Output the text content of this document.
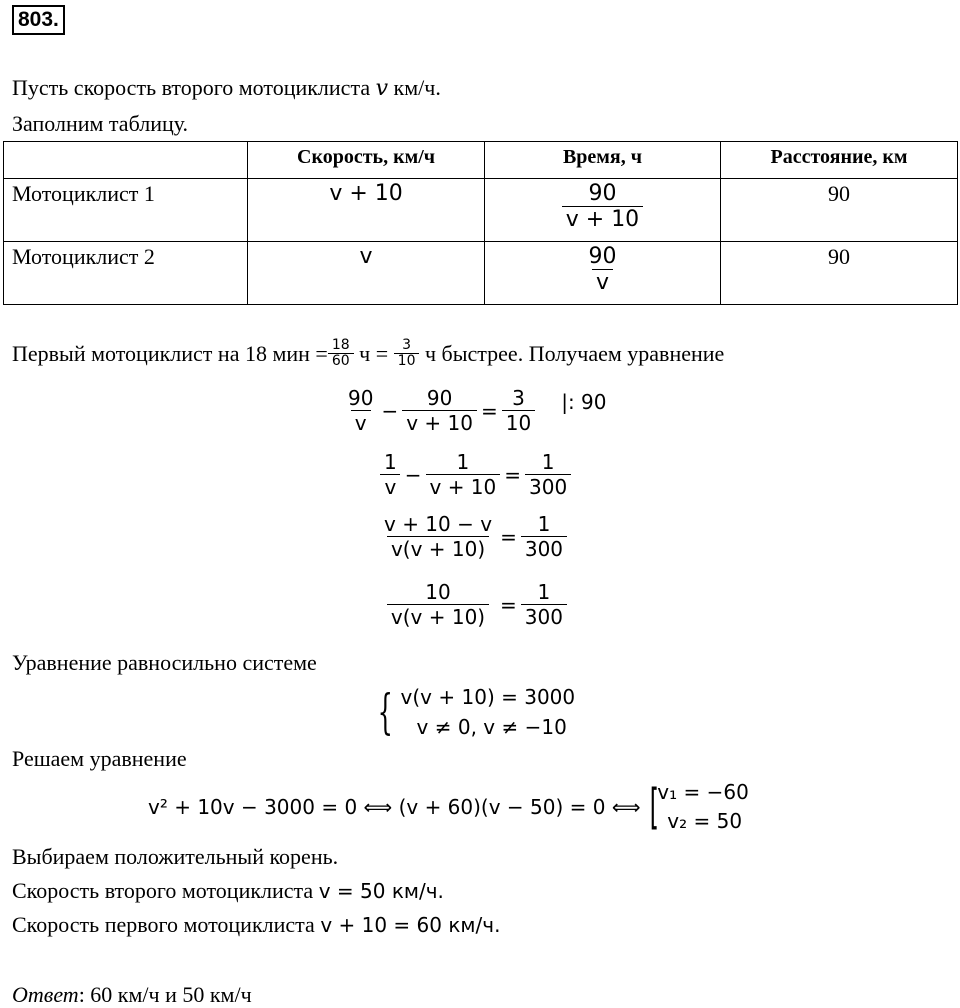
803.
Пусть скорость второго мотоциклиста v км/ч.
Заполним таблицу.
	Скорость, км/ч	Время, ч	Расстояние, км
Мотоциклист 1	v + 10	$\frac{90}{v + 10}$	90
Мотоциклист 2	v	$\frac{90}{v}$	90
Первый мотоциклист на 18 мин = $\frac{18}{60}$ $ч = \frac{3}{10}$ ч быстрее. Получаем уравнение
$\frac{90}{v} - \frac{90}{v + 10} = \frac{3}{10}$ |: 90
$\frac{1}{v} - \frac{1}{v + 10} = \frac{1}{300}$
$\frac{v + 10 - v}{v(v + 10)} = \frac{1}{300}$
$\frac{10}{v(v + 10)} = \frac{1}{300}$
Уравнение равносильно системе
{ v(v + 10) = 3000
v ≠ 0, v ≠ −10
Решаем уравнение
v² + 10v − 3000 = 0 ⟺ (v + 60)(v − 50) = 0 ⟺ [
v₁ = −60
v₂ = 50
Выбираем положительный корень.
Скорость второго мотоциклиста v = 50 км/ч.
Скорость первого мотоциклиста v + 10 = 60 км/ч.
Ответ: 60 км/ч и 50 км/ч
